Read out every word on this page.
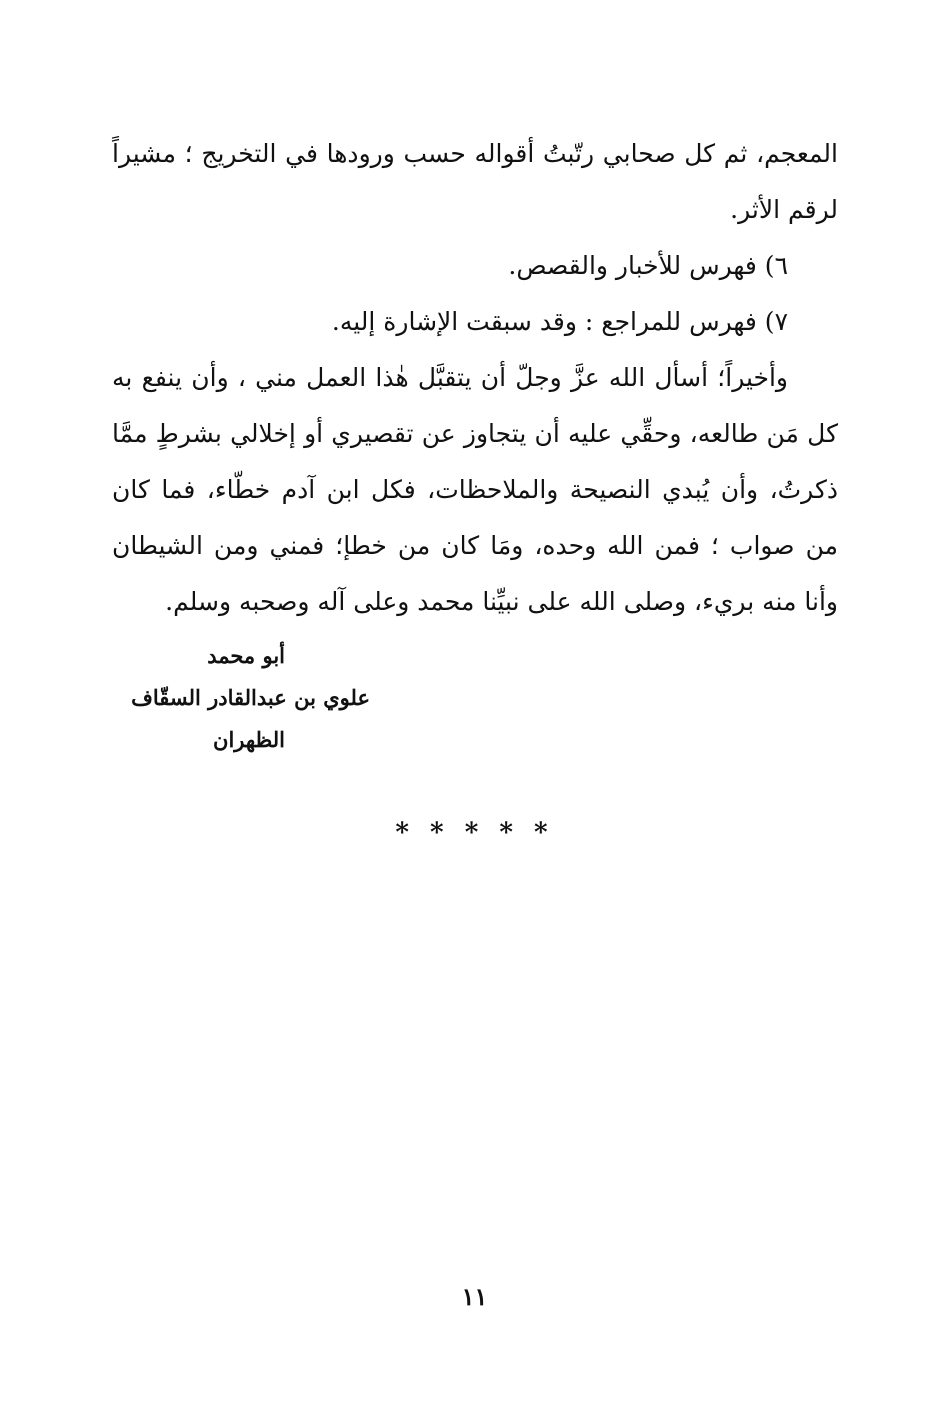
المعجم، ثم كل صحابي رتّبتُ أقواله حسب ورودها في التخريج ؛ مشيراً لرقم الأثر.

٦) فهرس للأخبار والقصص.

٧) فهرس للمراجع : وقد سبقت الإشارة إليه.

وأخيراً؛ أسأل الله عزَّ وجلّ أن يتقبَّل هٰذا العمل مني ، وأن ينفع به كل مَن طالعه، وحقِّي عليه أن يتجاوز عن تقصيري أو إخلالي بشرطٍ ممَّا ذكرتُ، وأن يُبدي النصيحة والملاحظات، فكل ابن آدم خطّاء، فما كان من صواب ؛ فمن الله وحده، ومَا كان من خطإ؛ فمني ومن الشيطان وأنا منه بريء، وصلى الله على نبيِّنا محمد وعلى آله وصحبه وسلم.

أبو محمد
علوي بن عبدالقادر السقّاف
الظهران
* * * * *
١١
